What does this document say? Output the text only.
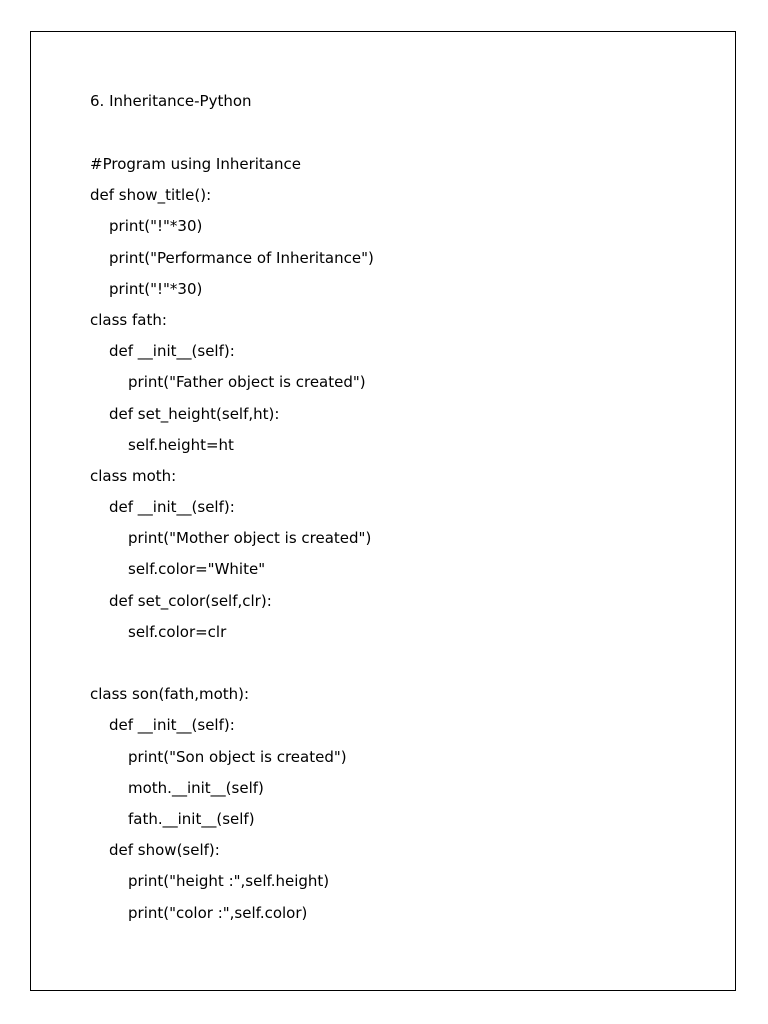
6. Inheritance-Python
#Program using Inheritance
def show_title():
print("!"*30)
print("Performance of Inheritance")
print("!"*30)
class fath:
def __init__(self):
print("Father object is created")
def set_height(self,ht):
self.height=ht
class moth:
def __init__(self):
print("Mother object is created")
self.color="White"
def set_color(self,clr):
self.color=clr
class son(fath,moth):
def __init__(self):
print("Son object is created")
moth.__init__(self)
fath.__init__(self)
def show(self):
print("height :",self.height)
print("color :",self.color)
